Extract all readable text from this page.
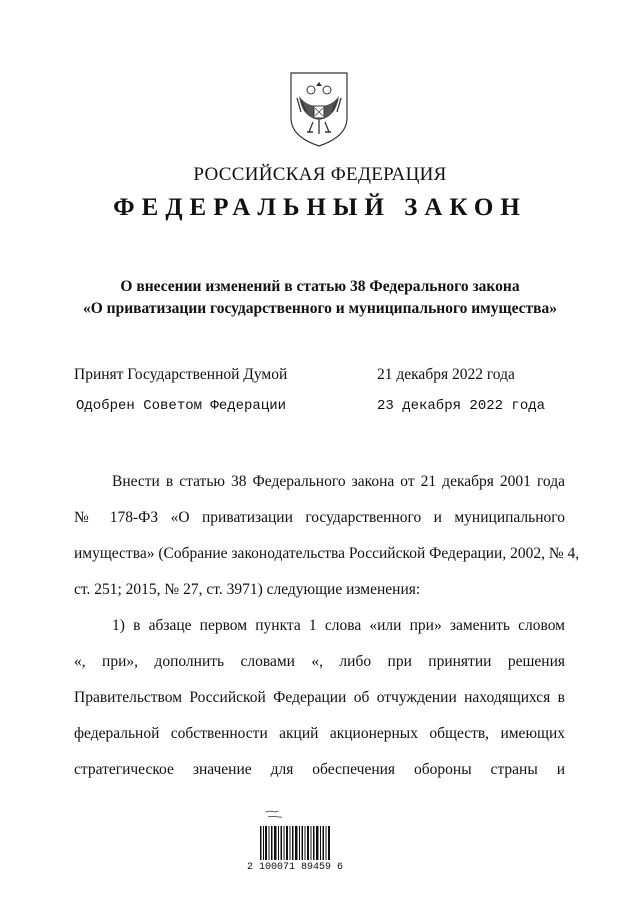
РОССИЙСКАЯ ФЕДЕРАЦИЯ
ФЕДЕРАЛЬНЫЙ ЗАКОН
О внесении изменений в статью 38 Федерального закона
«О приватизации государственного и муниципального имущества»
Принят Государственной Думой	21 декабря 2022 года
Одобрен Советом Федерации	23 декабря 2022 года
Внести в статью 38 Федерального закона от 21 декабря 2001 года
№ 178-ФЗ «О приватизации государственного и муниципального
имущества» (Собрание законодательства Российской Федерации, 2002, № 4,
ст. 251; 2015, № 27, ст. 3971) следующие изменения:
1) в абзаце первом пункта 1 слова «или при» заменить словом
«, при», дополнить словами «, либо при принятии решения
Правительством Российской Федерации об отчуждении находящихся в
федеральной собственности акций акционерных обществ, имеющих
стратегическое значение для обеспечения обороны страны и
2 100071 89459 6
